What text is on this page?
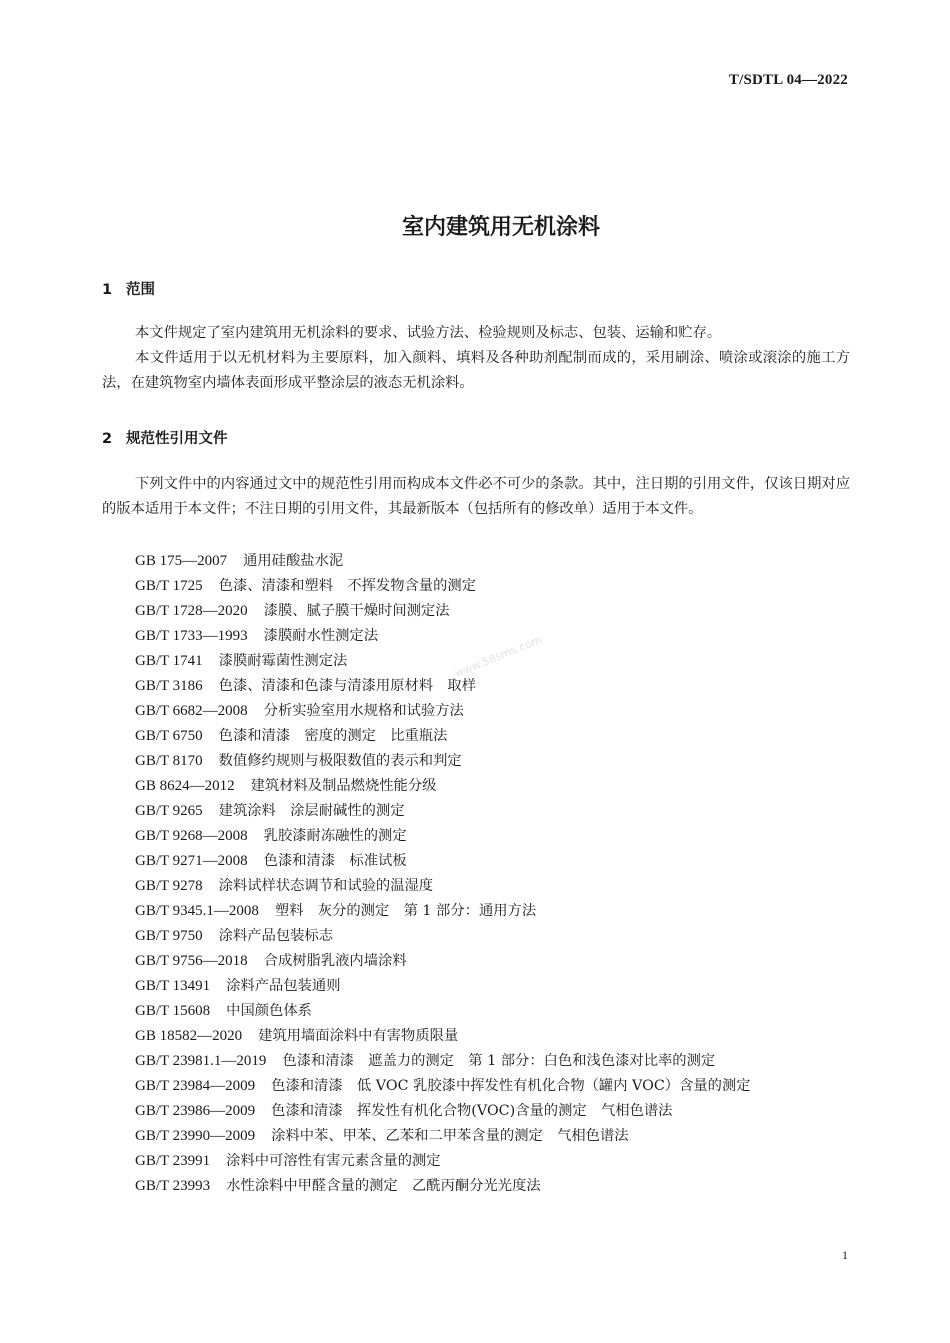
T/SDTL 04—2022
室内建筑用无机涂料
1 范围
本文件规定了室内建筑用无机涂料的要求、试验方法、检验规则及标志、包装、运输和贮存。
本文件适用于以无机材料为主要原料，加入颜料、填料及各种助剂配制而成的，采用刷涂、喷涂或滚涂的施工方法，在建筑物室内墙体表面形成平整涂层的液态无机涂料。
2 规范性引用文件
下列文件中的内容通过文中的规范性引用而构成本文件必不可少的条款。其中，注日期的引用文件，仅该日期对应的版本适用于本文件；不注日期的引用文件，其最新版本（包括所有的修改单）适用于本文件。
GB 175—2007 通用硅酸盐水泥
GB/T 1725 色漆、清漆和塑料　不挥发物含量的测定
GB/T 1728—2020 漆膜、腻子膜干燥时间测定法
GB/T 1733—1993 漆膜耐水性测定法
GB/T 1741 漆膜耐霉菌性测定法
GB/T 3186 色漆、清漆和色漆与清漆用原材料　取样
GB/T 6682—2008 分析实验室用水规格和试验方法
GB/T 6750 色漆和清漆　密度的测定　比重瓶法
GB/T 8170 数值修约规则与极限数值的表示和判定
GB 8624—2012 建筑材料及制品燃烧性能分级
GB/T 9265 建筑涂料　涂层耐碱性的测定
GB/T 9268—2008 乳胶漆耐冻融性的测定
GB/T 9271—2008 色漆和清漆　标准试板
GB/T 9278 涂料试样状态调节和试验的温湿度
GB/T 9345.1—2008 塑料　灰分的测定　第 1 部分：通用方法
GB/T 9750 涂料产品包装标志
GB/T 9756—2018 合成树脂乳液内墙涂料
GB/T 13491 涂料产品包装通则
GB/T 15608 中国颜色体系
GB 18582—2020 建筑用墙面涂料中有害物质限量
GB/T 23981.1—2019 色漆和清漆　遮盖力的测定　第 1 部分：白色和浅色漆对比率的测定
GB/T 23984—2009 色漆和清漆　低 VOC 乳胶漆中挥发性有机化合物（罐内 VOC）含量的测定
GB/T 23986—2009 色漆和清漆　挥发性有机化合物(VOC)含量的测定　气相色谱法
GB/T 23990—2009 涂料中苯、甲苯、乙苯和二甲苯含量的测定　气相色谱法
GB/T 23991 涂料中可溶性有害元素含量的测定
GB/T 23993 水性涂料中甲醛含量的测定　乙酰丙酮分光光度法
www.58sms.com
1
